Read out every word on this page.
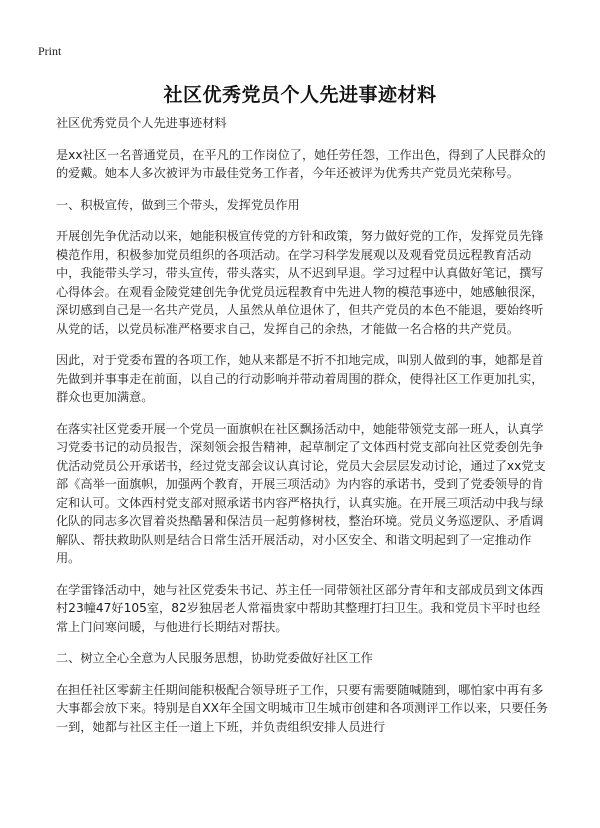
Print
社区优秀党员个人先进事迹材料

社区优秀党员个人先进事迹材料

是xx社区一名普通党员，在平凡的工作岗位了，她任劳任怨，工作出色，得到了人民群众的的爱戴。她本人多次被评为市最佳党务工作者，今年还被评为优秀共产党员光荣称号。

一、积极宣传，做到三个带头，发挥党员作用

开展创先争优活动以来，她能积极宣传党的方针和政策，努力做好党的工作，发挥党员先锋模范作用，积极参加党员组织的各项活动。在学习科学发展观以及观看党员远程教育活动中，我能带头学习，带头宣传，带头落实，从不迟到早退。学习过程中认真做好笔记，撰写心得体会。在观看金陵党建创先争优党员远程教育中先进人物的模范事迹中，她感触很深，深切感到自己是一名共产党员，人虽然从单位退休了，但共产党员的本色不能退，要始终听从党的话，以党员标准严格要求自己，发挥自己的余热，才能做一名合格的共产党员。

因此，对于党委布置的各项工作，她从来都是不折不扣地完成，叫别人做到的事，她都是首先做到并事事走在前面，以自己的行动影响并带动着周围的群众，使得社区工作更加扎实，群众也更加满意。

在落实社区党委开展一个党员一面旗帜在社区飘扬活动中，她能带领党支部一班人，认真学习党委书记的动员报告，深刻领会报告精神，起草制定了文体西村党支部向社区党委创先争优活动党员公开承诺书，经过党支部会议认真讨论，党员大会层层发动讨论，通过了xx党支部《高举一面旗帜，加强两个教育，开展三项活动》为内容的承诺书，受到了党委领导的肯定和认可。文体西村党支部对照承诺书内容严格执行，认真实施。在开展三项活动中我与绿化队的同志多次冒着炎热酷暑和保洁员一起剪修树枝，整治环境。党员义务巡逻队、矛盾调解队、帮扶救助队则是结合日常生活开展活动，对小区安全、和谐文明起到了一定推动作用。

在学雷锋活动中，她与社区党委朱书记、苏主任一同带领社区部分青年和支部成员到文体西村23幢47好105室，82岁独居老人常福贵家中帮助其整理打扫卫生。我和党员卞平时也经常上门问寒问暖，与他进行长期结对帮扶。

二、树立全心全意为人民服务思想，协助党委做好社区工作

在担任社区零薪主任期间能积极配合领导班子工作，只要有需要随喊随到，哪怕家中再有多大事都会放下来。特别是自XX年全国文明城市卫生城市创建和各项测评工作以来，只要任务一到，她都与社区主任一道上下班，并负责组织安排人员进行
